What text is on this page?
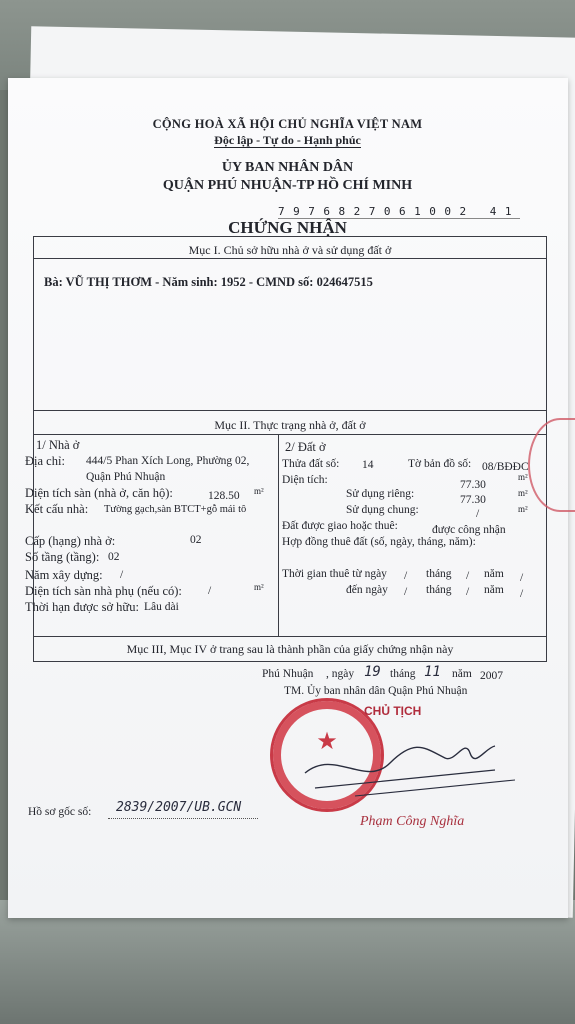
CỘNG HOÀ XÃ HỘI CHỦ NGHĨA VIỆT NAM
Độc lập - Tự do - Hạnh phúc
ỦY BAN NHÂN DÂN
QUẬN PHÚ NHUẬN-TP HỒ CHÍ MINH
7976827061002 41
CHỨNG NHẬN
Mục I. Chủ sở hữu nhà ở và sử dụng đất ở
Bà: VŨ THỊ THƠM - Năm sinh: 1952 - CMND số: 024647515
Mục II. Thực trạng nhà ở, đất ở
1/ Nhà ở
Địa chỉ: 444/5 Phan Xích Long, Phường 02,
Quận Phú Nhuận
Diện tích sàn (nhà ở, căn hộ):	128.50 m²
Kết cấu nhà: Tường gạch,sàn BTCT+gỗ mái tô
Cấp (hạng) nhà ở:	02
Số tầng (tầng): 02
Năm xây dựng: /
Diện tích sàn nhà phụ (nếu có): /	m²
Thời hạn được sở hữu: Lâu dài
2/ Đất ở
Thửa đất số: 14	Tờ bản đồ số: 08/BĐĐC
Diện tích:	77.30
m²
Sử dụng riêng:	77.30
m²
Sử dụng chung:	/	m²
Đất được giao hoặc thuê:	được công nhận
Hợp đồng thuê đất (số, ngày, tháng, năm):
Thời gian thuê từ ngày / tháng / năm /
đến ngày / tháng / năm /
Mục III, Mục IV ở trang sau là thành phần của giấy chứng nhận này
Phú Nhuận , ngày 19 tháng 11 năm 2007
TM. Ủy ban nhân dân Quận Phú Nhuận
★
CHỦ TỊCH
Phạm Công Nghĩa
Hồ sơ gốc số: 2839/2007/UB.GCN
